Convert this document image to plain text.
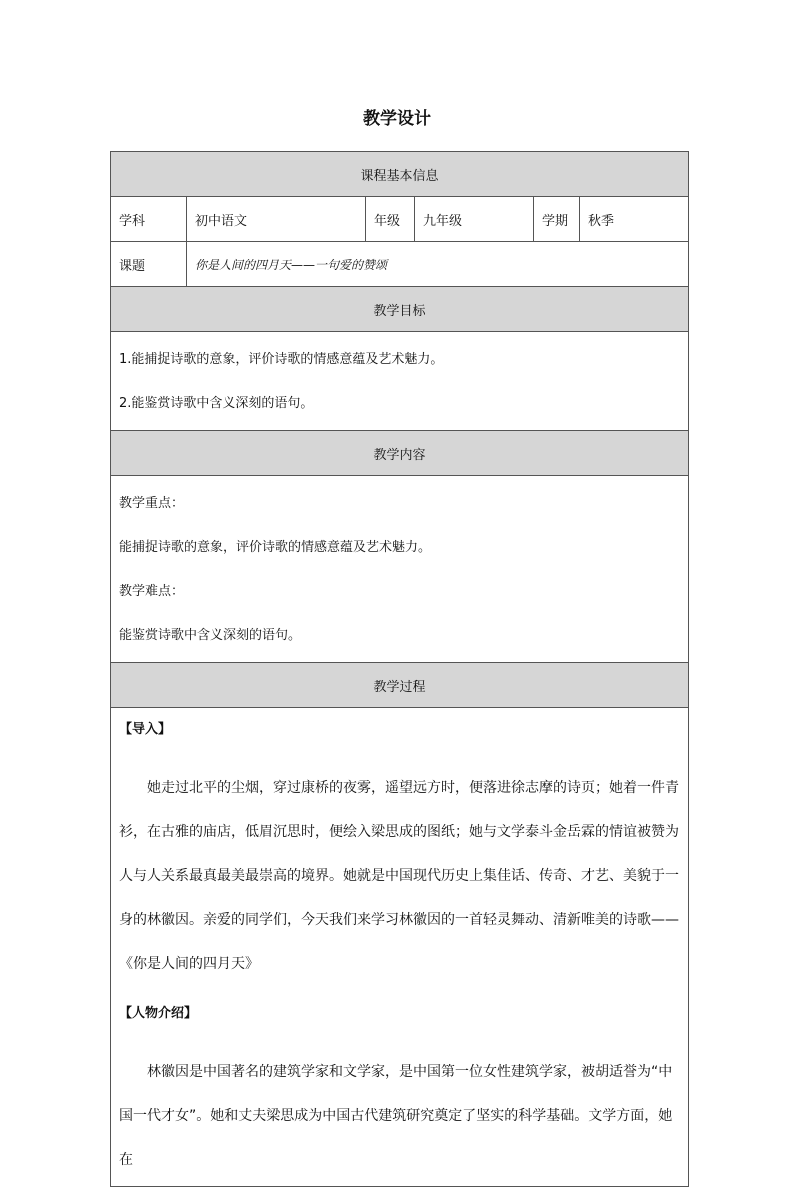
教学设计
课程基本信息					
学科	初中语文	年级	九年级	学期	秋季
课题	你是人间的四月天——一句爱的赞颂				
教学目标					

1.能捕捉诗歌的意象，评价诗歌的情感意蕴及艺术魅力。

2.能鉴赏诗歌中含义深刻的语句。					

教学内容					

教学重点：

能捕捉诗歌的意象，评价诗歌的情感意蕴及艺术魅力。

教学难点：

能鉴赏诗歌中含义深刻的语句。					

教学过程					

【导入】

她走过北平的尘烟，穿过康桥的夜雾，遥望远方时，便落进徐志摩的诗页；她着一件青衫，在古雅的庙店，低眉沉思时，便绘入梁思成的图纸；她与文学泰斗金岳霖的情谊被赞为人与人关系最真最美最崇高的境界。她就是中国现代历史上集佳话、传奇、才艺、美貌于一身的林徽因。亲爱的同学们，今天我们来学习林徽因的一首轻灵舞动、清新唯美的诗歌——《你是人间的四月天》

【人物介绍】

林徽因是中国著名的建筑学家和文学家，是中国第一位女性建筑学家，被胡适誉为“中国一代才女”。她和丈夫梁思成为中国古代建筑研究奠定了坚实的科学基础。文学方面，她在					
